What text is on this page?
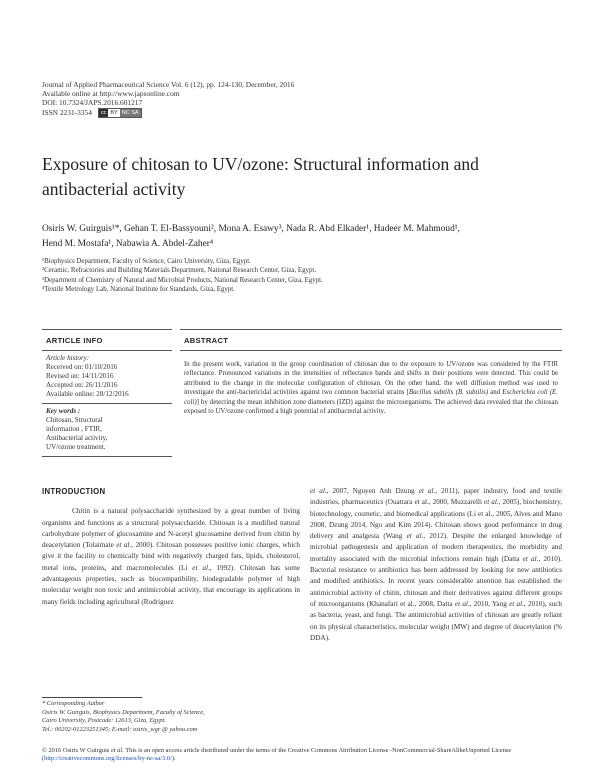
Journal of Applied Pharmaceutical Science Vol. 6 (12), pp. 124-130, December, 2016
Available online at http://www.japsonline.com
DOI: 10.7324/JAPS.2016.601217
ISSN 2231-3354	cc BY NC SA
Exposure of chitosan to UV/ozone: Structural information and
antibacterial activity
Osiris W. Guirguis¹*, Gehan T. El-Bassyouni², Mona A. Esawy³, Nada R. Abd Elkader¹, Hadeer M. Mahmoud¹,
Hend M. Mostafa¹, Nabawia A. Abdel-Zaher⁴
¹Biophysics Department, Faculty of Science, Cairo University, Giza, Egypt.
²Ceramic, Refractories and Building Materials Department, National Research Center, Giza, Egypt.
³Department of Chemistry of Natural and Microbial Products, National Research Center, Giza, Egypt.
⁴Textile Metrology Lab, National Institute for Standards, Giza, Egypt.
ARTICLE INFO
Article history:
Received on: 01/10/2016
Revised on: 14/11/2016
Accepted on: 26/11/2016
Available online: 28/12/2016
Key words :
Chitosan, Structural
information , FTIR,
Antibacterial activity,
UV/ozone treatment.
ABSTRACT
In the present work, variation in the group coordination of chitosan due to the exposure to UV/ozone was considered by the FTIR reflectance. Pronounced variations in the intensities of reflectance bands and shifts in their positions were detected. This could be attributed to the change in the molecular configuration of chitosan. On the other hand, the well diffusion method was used to investigate the anti-bactericidal activities against two common bacterial strains [Bacillus subtilis (B. subtilis) and Escherichia coli (E. coli)] by detecting the mean inhibition zone diameters (IZD) against the microorganisms. The achieved data revealed that the chitosan exposed to UV/ozone confirmed a high potential of antibacterial activity.
INTRODUCTION
Chitin is a natural polysaccharide synthesized by a great number of living organisms and functions as a structural polysaccharide. Chitosan is a modified natural carbohydrate polymer of glucosamine and N-acetyl glucosamine derived from chitin by deacetylation (Tolaimate et al., 2000). Chitosan possesses positive ionic charges, which give it the facility to chemically bind with negatively charged fats, lipids, cholesterol, metal ions, proteins, and macromolecules (Li et al., 1992). Chitosan has some advantageous properties, such as biocompatibility, biodegradable polymer of high molecular weight non toxic and antimicrobial activity, that encourage its applications in many fields including agricultural (Rodriguez
et al., 2007, Nguyen Anh Dzung et al., 2011), paper industry, food and textile industries, pharmaceutics (Ouattara et al., 2000, Muzzarelli et al., 2005), biochemistry, biotechnology, cosmetic, and biomedical applications (Li et al., 2005, Alves and Mano 2008, Dzung 2014, Ngo and Kim 2014). Chitosan shows good performance in drug delivery and analgesia (Wang et al., 2012). Despite the enlarged knowledge of microbial pathogenesis and application of modern therapeutics, the morbidity and mortality associated with the microbial infections remain high (Datta et al., 2010). Bacterial resistance to antibiotics has been addressed by looking for new antibiotics and modified antibiotics. In recent years considerable attention has established the antimicrobial activity of chitin, chitosan and their derivatives against different groups of microorganisms (Khanafari et al., 2008, Datta et al., 2010, Yang et al., 2010), such as bacteria, yeast, and fungi. The antimicrobial activities of chitosan are greatly reliant on its physical characteristics, molecular weight (MW) and degree of deacetylation (% DDA).
* Corresponding Author
Osiris W. Guirguis, Biophysics Department, Faculty of Science,
Cairo University, Postcode: 12613, Giza, Egypt.
Tel.: 00202-01223251345; E-mail: osiris_wgr @ yahoo.com
© 2016 Osiris W Guirguis et al. This is an open access article distributed under the terms of the Creative Commons Attribution License -NonCommercial-ShareAlikeUnported License (http://creativecommons.org/licenses/by-nc-sa/3.0/).
